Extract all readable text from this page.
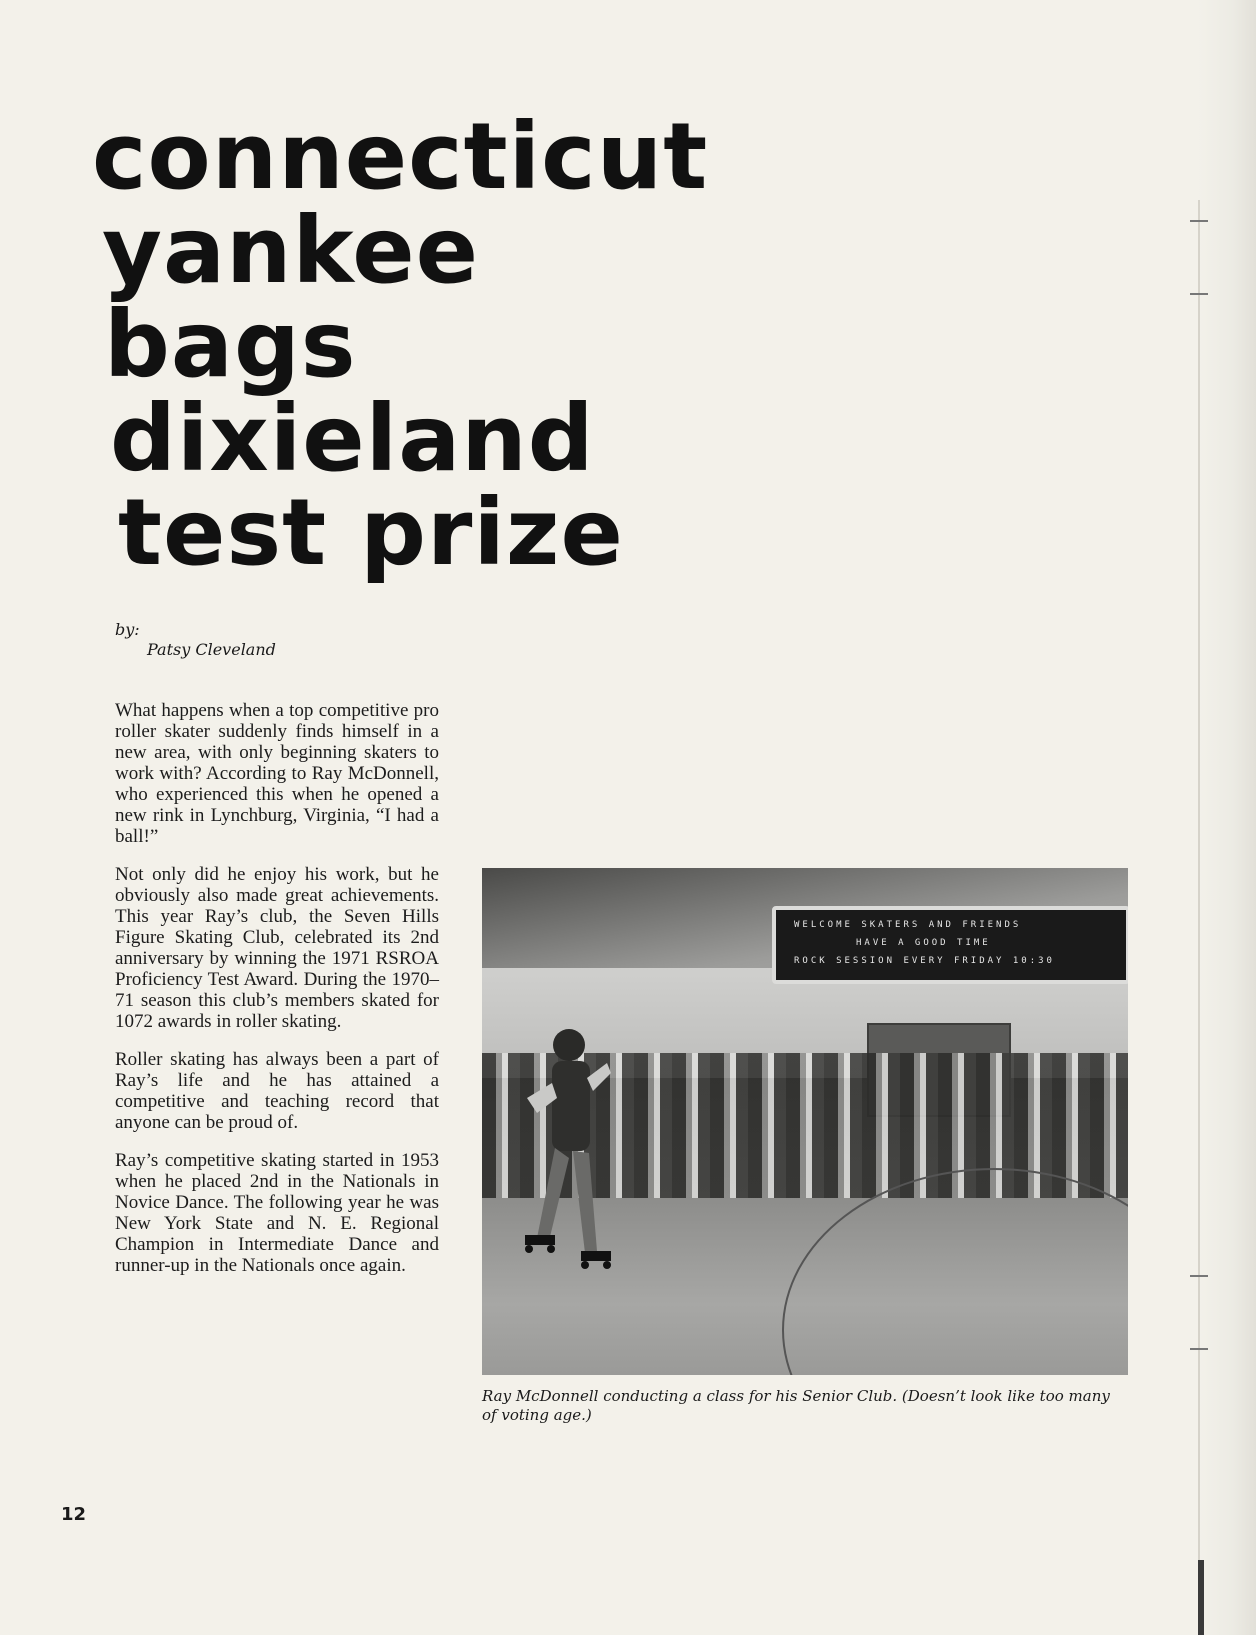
connecticut
yankee
bags
dixieland
test prize
by:
Patsy Cleveland

What happens when a top competitive pro roller skater suddenly finds himself in a new area, with only beginning skaters to work with? According to Ray McDonnell, who experienced this when he opened a new rink in Lynchburg, Virginia, “I had a ball!”

Not only did he enjoy his work, but he obviously also made great achievements. This year Ray’s club, the Seven Hills Figure Skating Club, celebrated its 2nd anniversary by winning the 1971 RSROA Proficiency Test Award. During the 1970–71 season this club’s members skated for 1072 awards in roller skating.

Roller skating has always been a part of Ray’s life and he has attained a competitive and teaching record that anyone can be proud of.

Ray’s competitive skating started in 1953 when he placed 2nd in the Nationals in Novice Dance. The following year he was New York State and N. E. Regional Champion in Intermediate Dance and runner-up in the Nationals once again.

WELCOME SKATERS AND FRIENDS
HAVE A GOOD TIME
ROCK SESSION EVERY FRIDAY 10:30
Ray McDonnell conducting a class for his Senior Club. (Doesn’t look like too many of voting age.)
12
